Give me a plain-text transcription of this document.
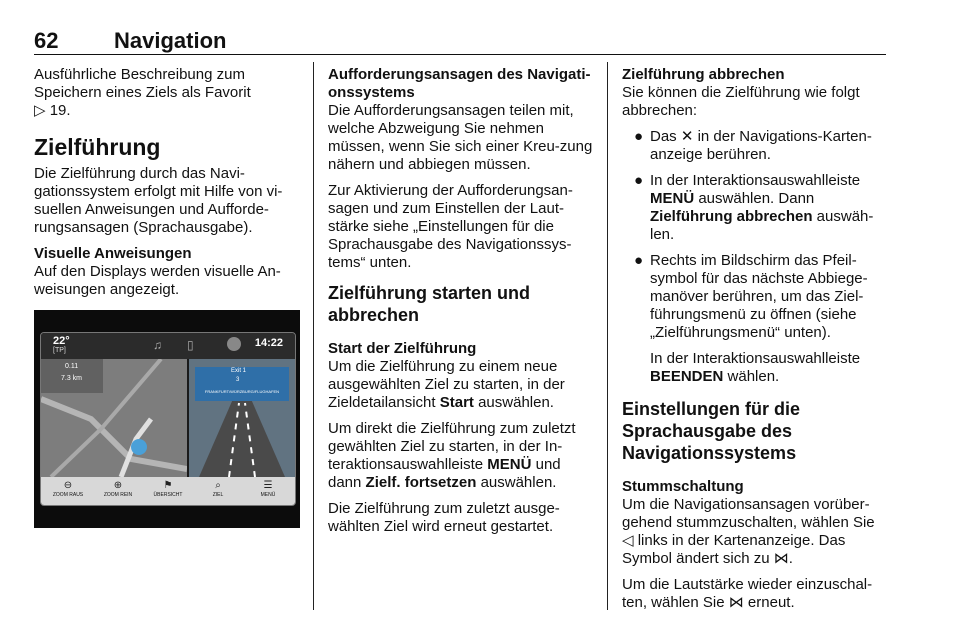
62	Navigation
Ausführliche Beschreibung zum
Speichern eines Ziels als Favorit
▷ 19.
Zielführung

Die Zielführung durch das Navi-gationssystem erfolgt mit Hilfe von vi-suellen Anweisungen und Aufforde-rungsansagen (Sprachausgabe).

Visuelle Anweisungen

Auf den Displays werden visuelle An-weisungen angezeigt.

22°
[TP]	♫ ▯	14:22
0.11
7.3 km
Exit 1
3
FRANKFURT/WÜRZBURG/FLUGHAFEN
⊖
ZOOM RAUS
⊕
ZOOM REIN
⚑
ÜBERSICHT
⌕
ZIEL
☰
MENÜ
Aufforderungsansagen des Navigati-onssystems

Die Aufforderungsansagen teilen mit, welche Abzweigung Sie nehmen müssen, wenn Sie sich einer Kreu-zung nähern und abbiegen müssen.

Zur Aktivierung der Aufforderungsan-sagen und zum Einstellen der Laut-stärke siehe „Einstellungen für die Sprachausgabe des Navigationssys-tems“ unten.

Zielführung starten und abbrechen
Start der Zielführung

Um die Zielführung zu einem neue ausgewählten Ziel zu starten, in der Zieldetailansicht Start auswählen.

Um direkt die Zielführung zum zuletzt gewählten Ziel zu starten, in der In-teraktionsauswahlleiste MENÜ und dann Zielf. fortsetzen auswählen.

Die Zielführung zum zuletzt ausge-wählten Ziel wird erneut gestartet.

Zielführung abbrechen

Sie können die Zielführung wie folgt abbrechen:

● Das ✕ in der Navigations-Karten-anzeige berühren.
● In der Interaktionsauswahlleiste MENÜ auswählen. Dann Zielführung abbrechen auswäh-len.
● Rechts im Bildschirm das Pfeil-symbol für das nächste Abbiege-manöver berühren, um das Ziel-führungsmenü zu öffnen (siehe „Zielführungsmenü“ unten).

In der Interaktionsauswahlleiste BEENDEN wählen.

Einstellungen für die Sprachausgabe des Navigationssystems
Stummschaltung

Um die Navigationsansagen vorüber-gehend stummzuschalten, wählen Sie ◁ links in der Kartenanzeige. Das Symbol ändert sich zu ⋈.

Um die Lautstärke wieder einzuschal-ten, wählen Sie ⋈ erneut.
